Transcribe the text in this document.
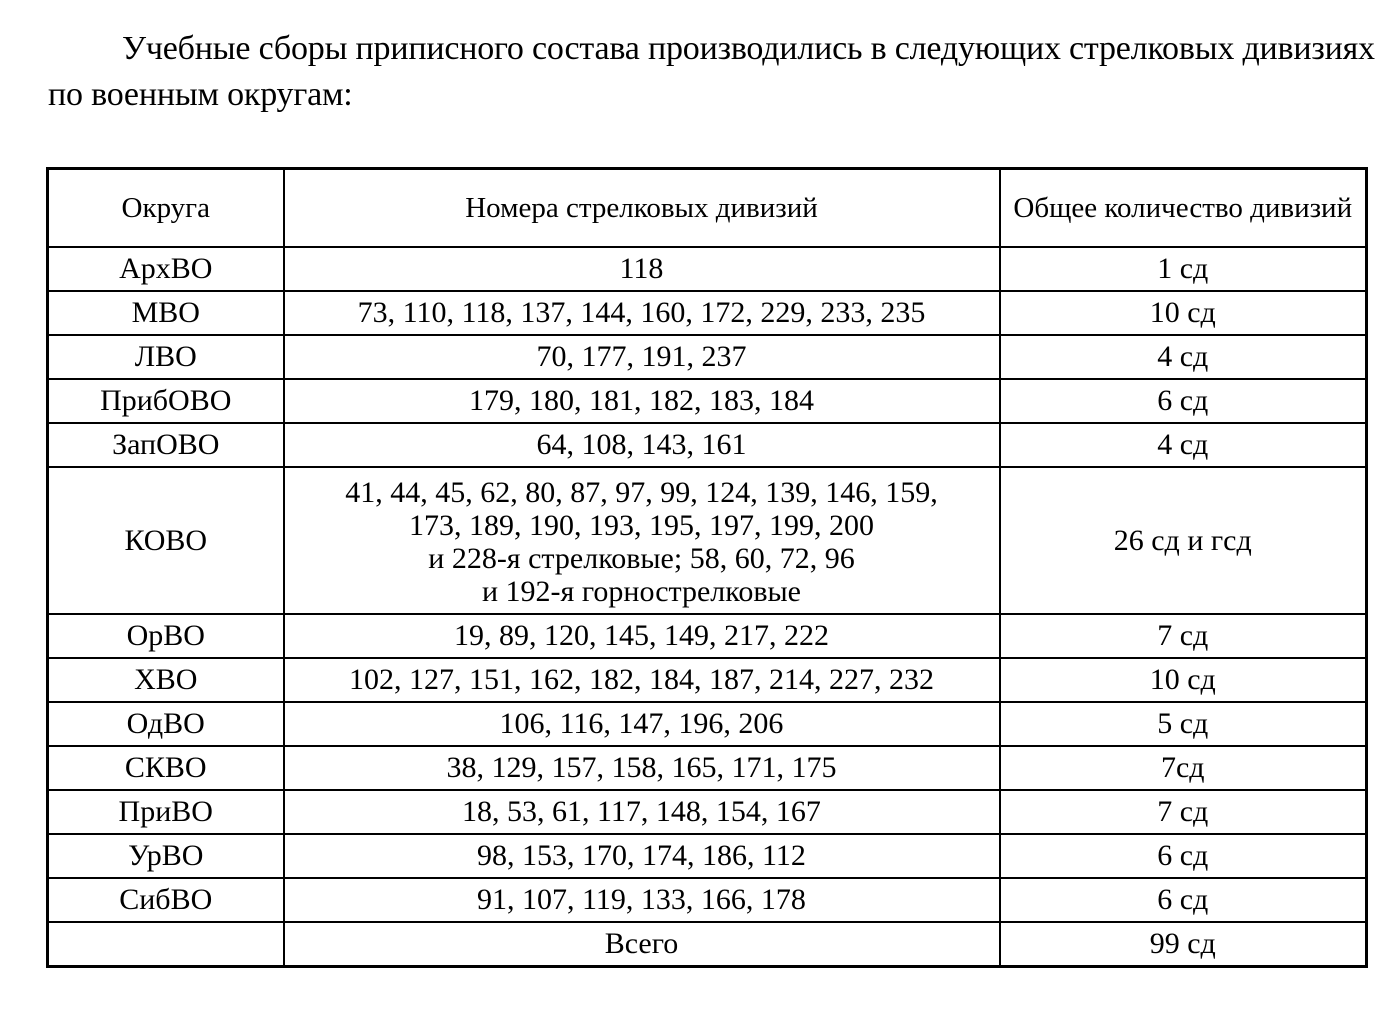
Учебные сборы приписного состава производились в следующих стрелковых дивизиях по военным округам:

Округа	Номера стрелковых дивизий	Общее количество дивизий
АрхВО	118	1 сд
МВО	73, 110, 118, 137, 144, 160, 172, 229, 233, 235	10 сд
ЛВО	70, 177, 191, 237	4 сд
ПрибОВО	179, 180, 181, 182, 183, 184	6 сд
ЗапОВО	64, 108, 143, 161	4 сд
КОВО	41, 44, 45, 62, 80, 87, 97, 99, 124, 139, 146, 159,
173, 189, 190, 193, 195, 197, 199, 200
и 228-я стрелковые; 58, 60, 72, 96
и 192-я горнострелковые	26 сд и гсд
ОрВО	19, 89, 120, 145, 149, 217, 222	7 сд
ХВО	102, 127, 151, 162, 182, 184, 187, 214, 227, 232	10 сд
ОдВО	106, 116, 147, 196, 206	5 сд
СКВО	38, 129, 157, 158, 165, 171, 175	7сд
ПриВО	18, 53, 61, 117, 148, 154, 167	7 сд
УрВО	98, 153, 170, 174, 186, 112	6 сд
СибВО	91, 107, 119, 133, 166, 178	6 сд
	Всего	99 сд
